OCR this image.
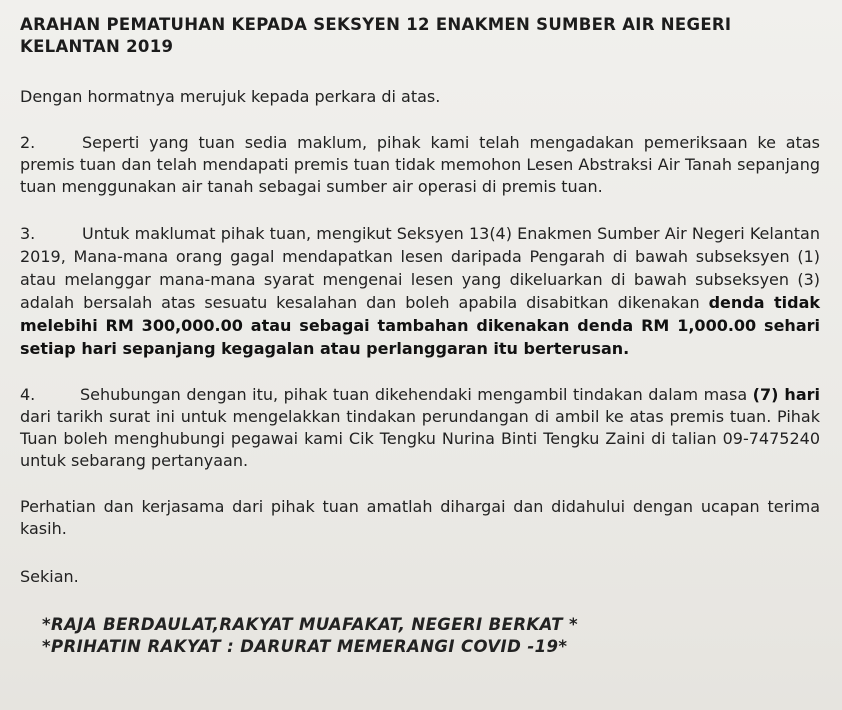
ARAHAN PEMATUHAN KEPADA SEKSYEN 12 ENAKMEN SUMBER AIR NEGERI
KELANTAN 2019

Dengan hormatnya merujuk kepada perkara di atas.

2.	Seperti yang tuan sedia maklum, pihak kami telah mengadakan pemeriksaan ke atas premis tuan dan telah mendapati premis tuan tidak memohon Lesen Abstraksi Air Tanah sepanjang tuan menggunakan air tanah sebagai sumber air operasi di premis tuan.

3.	Untuk maklumat pihak tuan, mengikut Seksyen 13(4) Enakmen Sumber Air Negeri Kelantan 2019, Mana-mana orang gagal mendapatkan lesen daripada Pengarah di bawah subseksyen (1) atau melanggar mana-mana syarat mengenai lesen yang dikeluarkan di bawah subseksyen (3) adalah bersalah atas sesuatu kesalahan dan boleh apabila disabitkan dikenakan denda tidak melebihi RM 300,000.00 atau sebagai tambahan dikenakan denda RM 1,000.00 sehari setiap hari sepanjang kegagalan atau perlanggaran itu berterusan.

4.	Sehubungan dengan itu, pihak tuan dikehendaki mengambil tindakan dalam masa (7) hari dari tarikh surat ini untuk mengelakkan tindakan perundangan di ambil ke atas premis tuan. Pihak Tuan boleh menghubungi pegawai kami Cik Tengku Nurina Binti Tengku Zaini di talian 09-7475240 untuk sebarang pertanyaan.

Perhatian dan kerjasama dari pihak tuan amatlah dihargai dan didahului dengan ucapan terima kasih.

Sekian.

*RAJA BERDAULAT,RAKYAT MUAFAKAT, NEGERI BERKAT *
*PRIHATIN RAKYAT : DARURAT MEMERANGI COVID -19*
